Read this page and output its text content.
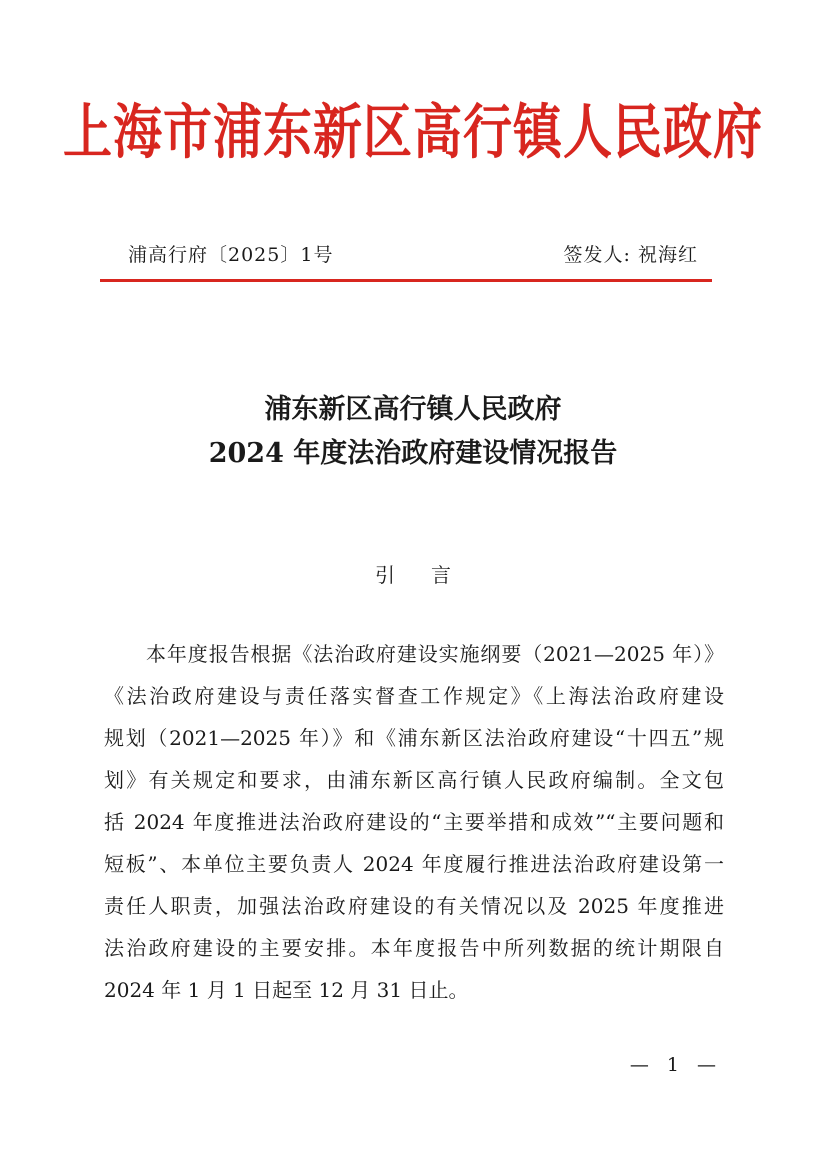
上海市浦东新区高行镇人民政府
浦高行府〔2025〕1号	签发人: 祝海红
浦东新区高行镇人民政府
2024 年度法治政府建设情况报告
引言
本年度报告根据《法治政府建设实施纲要（2021—2025 年）》
《法治政府建设与责任落实督查工作规定》《上海法治政府建设
规划（2021—2025 年）》和《浦东新区法治政府建设“十四五”规
划》有关规定和要求，由浦东新区高行镇人民政府编制。全文包
括 2024 年度推进法治政府建设的“主要举措和成效”“主要问题和
短板”、本单位主要负责人 2024 年度履行推进法治政府建设第一
责任人职责，加强法治政府建设的有关情况以及 2025 年度推进
法治政府建设的主要安排。本年度报告中所列数据的统计期限自
2024 年 1 月 1 日起至 12 月 31 日止。
— 1 —
